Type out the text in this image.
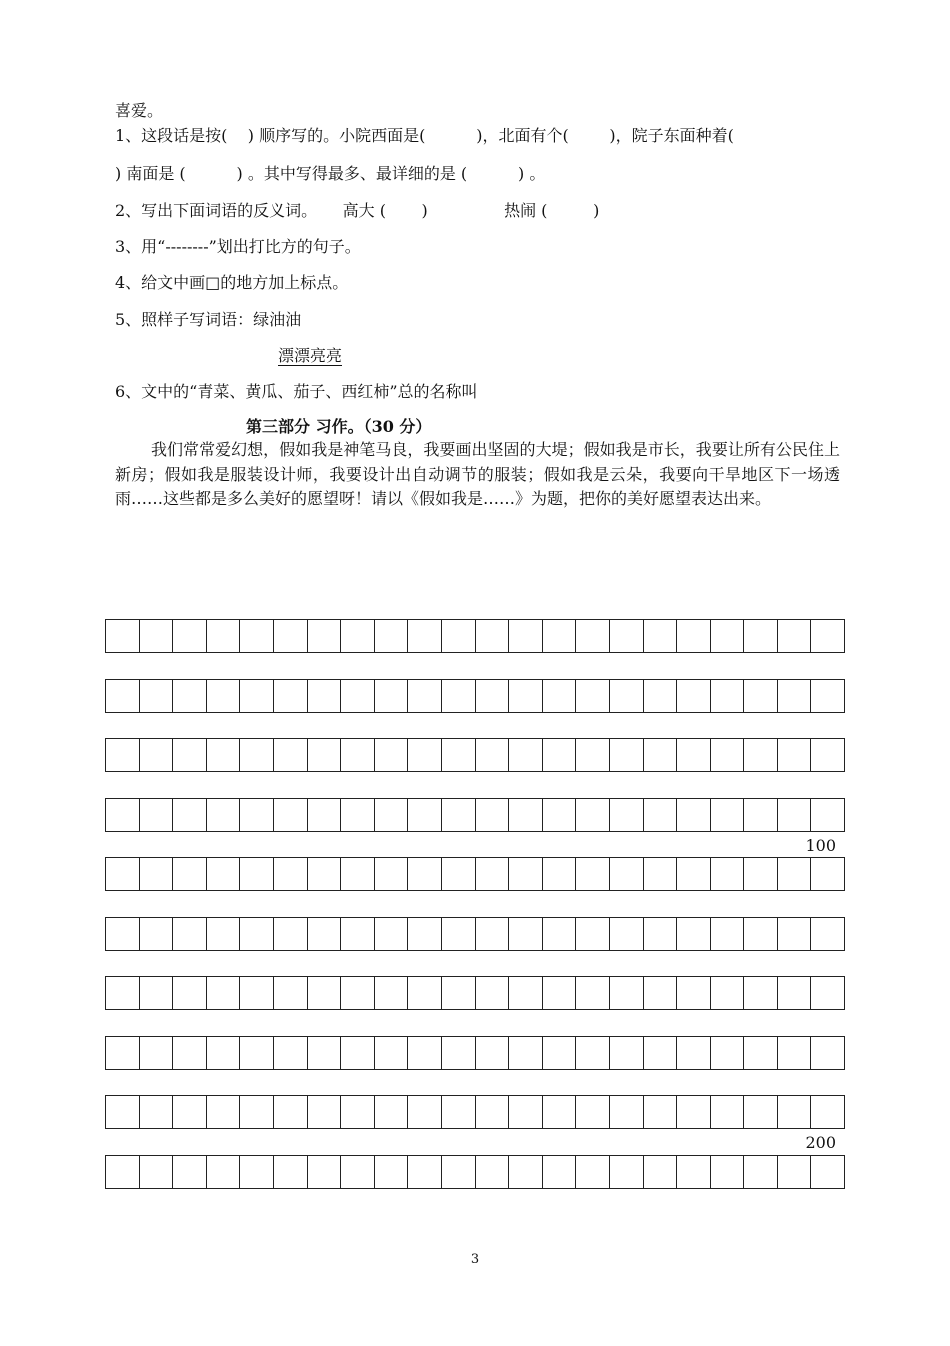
喜爱。
1、这段话是按(    ) 顺序写的。小院西面是(          )，北面有个(        )，院子东面种着(
) 南面是 (          ) 。其中写得最多、最详细的是 (          ) 。
2、写出下面词语的反义词。     高大 (       )               热闹 (         )
3、用“--------”划出打比方的句子。
4、给文中画□的地方加上标点。
5、照样子写词语：绿油油
漂漂亮亮
6、文中的“青菜、黄瓜、茄子、西红柿”总的名称叫
第三部分 习作。（30 分）
我们常常爱幻想，假如我是神笔马良，我要画出坚固的大堤；假如我是市长，我要让所有公民住上新房；假如我是服装设计师，我要设计出自动调节的服装；假如我是云朵，我要向干旱地区下一场透雨……这些都是多么美好的愿望呀！请以《假如我是……》为题，把你的美好愿望表达出来。
100
200
3
